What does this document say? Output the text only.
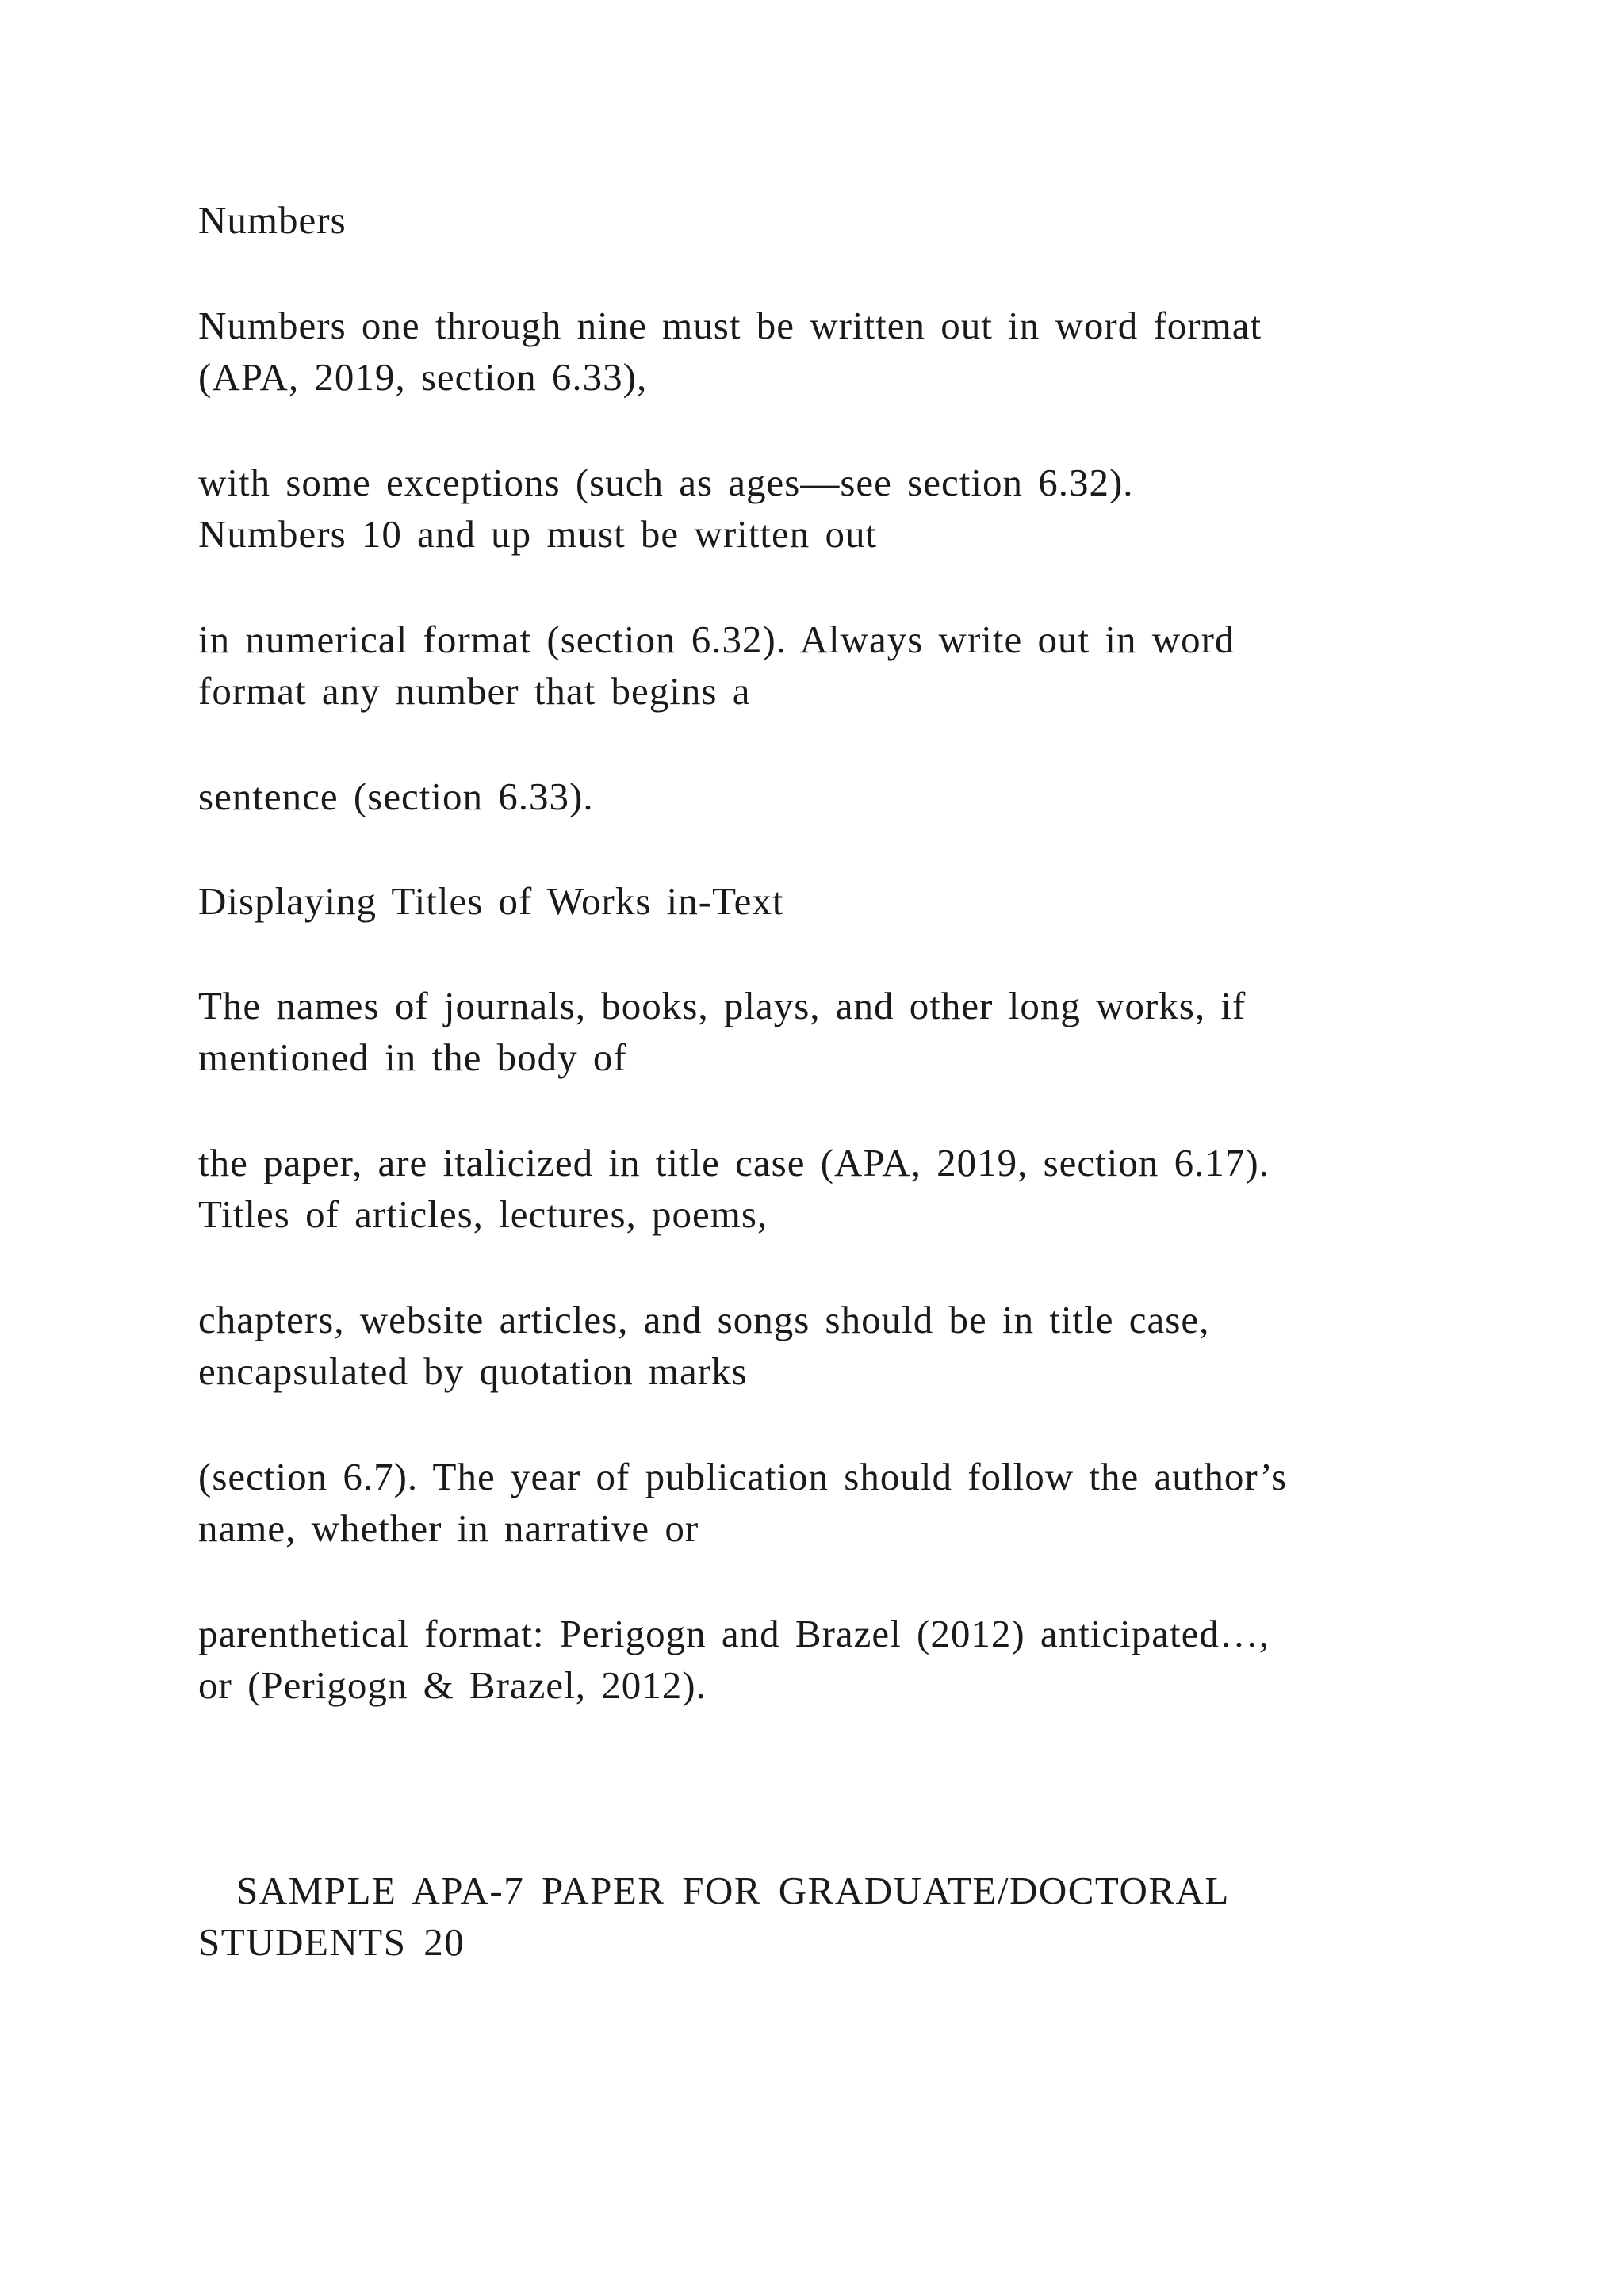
Numbers
Numbers one through nine must be written out in word format
(APA, 2019, section 6.33),
with some exceptions (such as ages—see section 6.32).
Numbers 10 and up must be written out
in numerical format (section 6.32). Always write out in word
format any number that begins a
sentence (section 6.33).
Displaying Titles of Works in-Text
The names of journals, books, plays, and other long works, if
mentioned in the body of
the paper, are italicized in title case (APA, 2019, section 6.17).
Titles of articles, lectures, poems,
chapters, website articles, and songs should be in title case,
encapsulated by quotation marks
(section 6.7). The year of publication should follow the author’s
name, whether in narrative or
parenthetical format: Perigogn and Brazel (2012) anticipated…,
or (Perigogn & Brazel, 2012).
SAMPLE APA-7 PAPER FOR GRADUATE/DOCTORAL
STUDENTS 20
